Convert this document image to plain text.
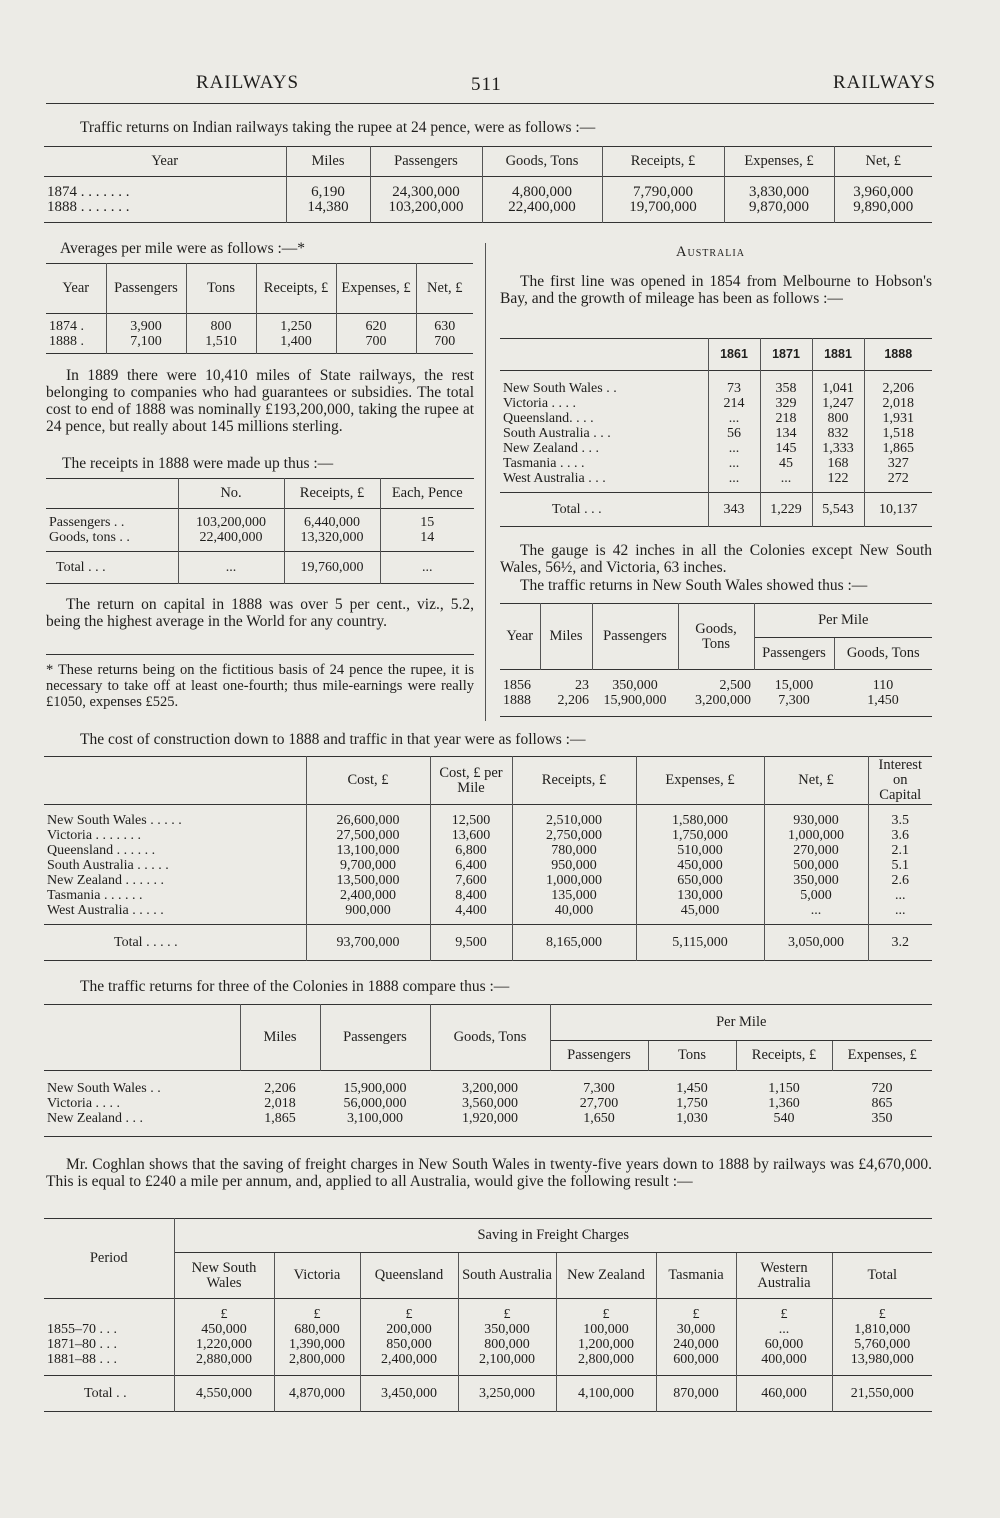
RAILWAYS	511	RAILWAYS
Traffic returns on Indian railways taking the rupee at 24 pence, were as follows :—
Year	Miles	Passengers	Goods, Tons	Receipts, £	Expenses, £	Net, £
1874 . . . . . . .	6,190	24,300,000	4,800,000	7,790,000	3,830,000	3,960,000
1888 . . . . . . .	14,380	103,200,000	22,400,000	19,700,000	9,870,000	9,890,000
Averages per mile were as follows :—*
Year	Passengers	Tons	Receipts, £	Expenses, £	Net, £
1874 .	3,900	800	1,250	620	630
1888 .	7,100	1,510	1,400	700	700
In 1889 there were 10,410 miles of State railways, the rest belonging to companies who had guarantees or subsidies. The total cost to end of 1888 was nominally £193,200,000, taking the rupee at 24 pence, but really about 145 millions sterling.
The receipts in 1888 were made up thus :—
	No.	Receipts, £	Each, Pence
Passengers . .	103,200,000	6,440,000	15
Goods, tons . .	22,400,000	13,320,000	14
Total . . .	...	19,760,000	...
The return on capital in 1888 was over 5 per cent., viz., 5.2, being the highest average in the World for any country.
* These returns being on the fictitious basis of 24 pence the rupee, it is necessary to take off at least one-fourth; thus mile-earnings were really £1050, expenses £525.
Australia
The first line was opened in 1854 from Melbourne to Hobson's Bay, and the growth of mileage has been as follows :—
	1861	1871	1881	1888
New South Wales . .	73	358	1,041	2,206
Victoria . . . .	214	329	1,247	2,018
Queensland. . . .	...	218	800	1,931
South Australia . . .	56	134	832	1,518
New Zealand . . .	...	145	1,333	1,865
Tasmania . . . .	...	45	168	327
West Australia . . .	...	...	122	272
Total . . .	343	1,229	5,543	10,137
The gauge is 42 inches in all the Colonies except New South Wales, 56½, and Victoria, 63 inches.
The traffic returns in New South Wales showed thus :—
Year	Miles	Passengers	Goods, Tons	Per Mile	
				Passengers	Goods, Tons
1856	23	350,000	2,500	15,000	110
1888	2,206	15,900,000	3,200,000	7,300	1,450
The cost of construction down to 1888 and traffic in that year were as follows :—
	Cost, £	Cost, £ per Mile	Receipts, £	Expenses, £	Net, £	Interest on Capital
New South Wales . . . . .	26,600,000	12,500	2,510,000	1,580,000	930,000	3.5
Victoria . . . . . . .	27,500,000	13,600	2,750,000	1,750,000	1,000,000	3.6
Queensland . . . . . .	13,100,000	6,800	780,000	510,000	270,000	2.1
South Australia . . . . .	9,700,000	6,400	950,000	450,000	500,000	5.1
New Zealand . . . . . .	13,500,000	7,600	1,000,000	650,000	350,000	2.6
Tasmania . . . . . .	2,400,000	8,400	135,000	130,000	5,000	...
West Australia . . . . .	900,000	4,400	40,000	45,000	...	...
Total . . . . .	93,700,000	9,500	8,165,000	5,115,000	3,050,000	3.2
The traffic returns for three of the Colonies in 1888 compare thus :—
	Miles	Passengers	Goods, Tons	Per Mile			
				Passengers	Tons	Receipts, £	Expenses, £
New South Wales . .	2,206	15,900,000	3,200,000	7,300	1,450	1,150	720
Victoria . . . .	2,018	56,000,000	3,560,000	27,700	1,750	1,360	865
New Zealand . . .	1,865	3,100,000	1,920,000	1,650	1,030	540	350
Mr. Coghlan shows that the saving of freight charges in New South Wales in twenty-five years down to 1888 by railways was £4,670,000. This is equal to £240 a mile per annum, and, applied to all Australia, would give the following result :—
Period	Saving in Freight Charges							
	New South Wales	Victoria	Queensland	South Australia	New Zealand	Tasmania	Western Australia	Total
	£	£	£	£	£	£	£	£
1855–70 . . .	450,000	680,000	200,000	350,000	100,000	30,000	...	1,810,000
1871–80 . . .	1,220,000	1,390,000	850,000	800,000	1,200,000	240,000	60,000	5,760,000
1881–88 . . .	2,880,000	2,800,000	2,400,000	2,100,000	2,800,000	600,000	400,000	13,980,000
Total . .	4,550,000	4,870,000	3,450,000	3,250,000	4,100,000	870,000	460,000	21,550,000
